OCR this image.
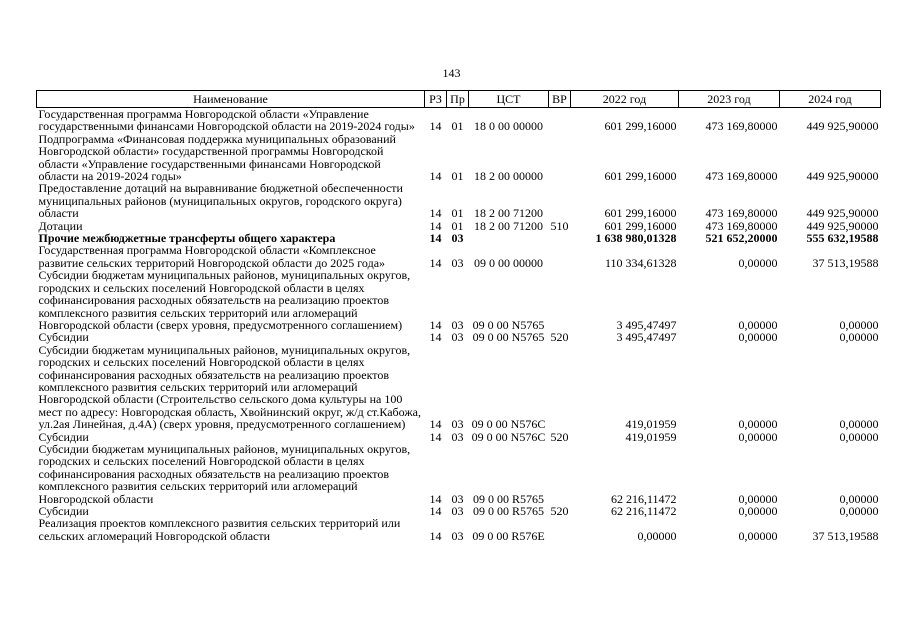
143
Наименование	РЗ	Пр	ЦСТ	ВР	2022 год	2023 год	2024 год
Государственная программа Новгородской области «Управление государственными финансами Новгородской области на 2019-2024 годы»	14	01	18 0 00 00000		601 299,16000	473 169,80000	449 925,90000
Подпрограмма «Финансовая поддержка муниципальных образований Новгородской области» государственной программы Новгородской области «Управление государственными финансами Новгородской области на 2019-2024 годы»	14	01	18 2 00 00000		601 299,16000	473 169,80000	449 925,90000
Предоставление дотаций на выравнивание бюджетной обеспеченности муниципальных районов (муниципальных округов, городского округа) области	14	01	18 2 00 71200		601 299,16000	473 169,80000	449 925,90000
Дотации	14	01	18 2 00 71200	510	601 299,16000	473 169,80000	449 925,90000
Прочие межбюджетные трансферты общего характера	14	03			1 638 980,01328	521 652,20000	555 632,19588
Государственная программа Новгородской области «Комплексное развитие сельских территорий Новгородской области до 2025 года»	14	03	09 0 00 00000		110 334,61328	0,00000	37 513,19588
Субсидии бюджетам муниципальных районов, муниципальных округов, городских и сельских поселений Новгородской области в целях софинансирования расходных обязательств на реализацию проектов комплексного развития сельских территорий или агломераций Новгородской области (сверх уровня, предусмотренного соглашением)	14	03	09 0 00 N5765		3 495,47497	0,00000	0,00000
Субсидии	14	03	09 0 00 N5765	520	3 495,47497	0,00000	0,00000
Субсидии бюджетам муниципальных районов, муниципальных округов, городских и сельских поселений Новгородской области в целях софинансирования расходных обязательств на реализацию проектов комплексного развития сельских территорий или агломераций Новгородской области (Строительство сельского дома культуры на 100 мест по адресу: Новгородская область, Хвойнинский округ, ж/д ст.Кабожа, ул.2ая Линейная, д.4А) (сверх уровня, предусмотренного соглашением)	14	03	09 0 00 N576С		419,01959	0,00000	0,00000
Субсидии	14	03	09 0 00 N576С	520	419,01959	0,00000	0,00000
Субсидии бюджетам муниципальных районов, муниципальных округов, городских и сельских поселений Новгородской области в целях софинансирования расходных обязательств на реализацию проектов комплексного развития сельских территорий или агломераций Новгородской области	14	03	09 0 00 R5765		62 216,11472	0,00000	0,00000
Субсидии	14	03	09 0 00 R5765	520	62 216,11472	0,00000	0,00000
Реализация проектов комплексного развития сельских территорий или сельских агломераций Новгородской области	14	03	09 0 00 R576E		0,00000	0,00000	37 513,19588
